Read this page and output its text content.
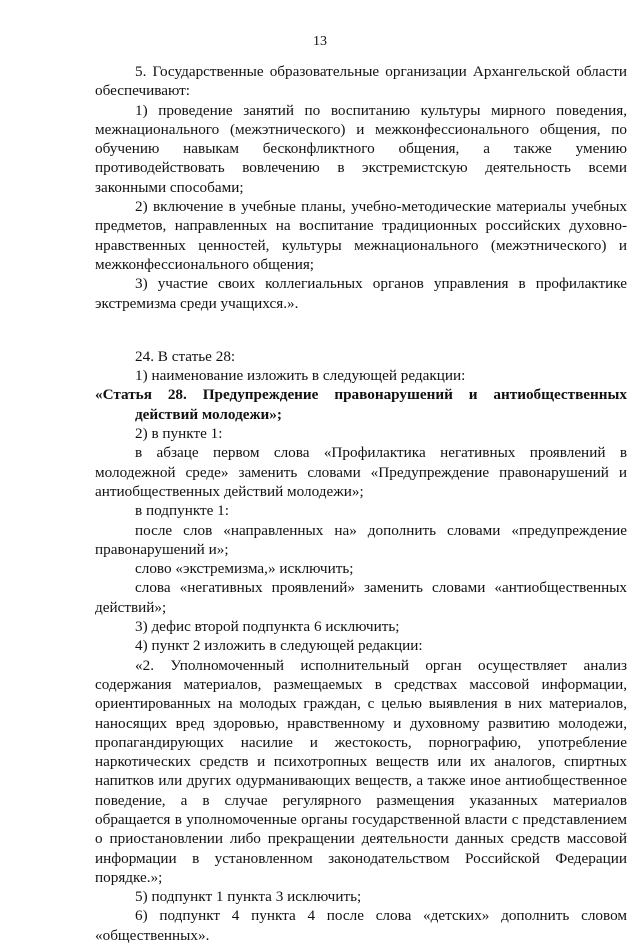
13

5. Государственные образовательные организации Архангельской области обеспечивают:

1) проведение занятий по воспитанию культуры мирного поведения, межнационального (межэтнического) и межконфессионального общения, по обучению навыкам бесконфликтного общения, а также умению противодействовать вовлечению в экстремистскую деятельность всеми законными способами;

2) включение в учебные планы, учебно-методические материалы учебных предметов, направленных на воспитание традиционных российских духовно-нравственных ценностей, культуры межнационального (межэтнического) и межконфессионального общения;

3) участие своих коллегиальных органов управления в профилактике экстремизма среди учащихся.».

24. В статье 28:

1) наименование изложить в следующей редакции:

«Статья 28. Предупреждение правонарушений и антиобщественных действий молодежи»;

2) в пункте 1:

в абзаце первом слова «Профилактика негативных проявлений в молодежной среде» заменить словами «Предупреждение правонарушений и антиобщественных действий молодежи»;

в подпункте 1:

после слов «направленных на» дополнить словами «предупреждение правонарушений и»;

слово «экстремизма,» исключить;

слова «негативных проявлений» заменить словами «антиобщественных действий»;

3) дефис второй подпункта 6 исключить;

4) пункт 2 изложить в следующей редакции:

«2. Уполномоченный исполнительный орган осуществляет анализ содержания материалов, размещаемых в средствах массовой информации, ориентированных на молодых граждан, с целью выявления в них материалов, наносящих вред здоровью, нравственному и духовному развитию молодежи, пропагандирующих насилие и жестокость, порнографию, употребление наркотических средств и психотропных веществ или их аналогов, спиртных напитков или других одурманивающих веществ, а также иное антиобщественное поведение, а в случае регулярного размещения указанных материалов обращается в уполномоченные органы государственной власти с представлением о приостановлении либо прекращении деятельности данных средств массовой информации в установленном законодательством Российской Федерации порядке.»;

5) подпункт 1 пункта 3 исключить;

6) подпункт 4 пункта 4 после слова «детских» дополнить словом «общественных».
